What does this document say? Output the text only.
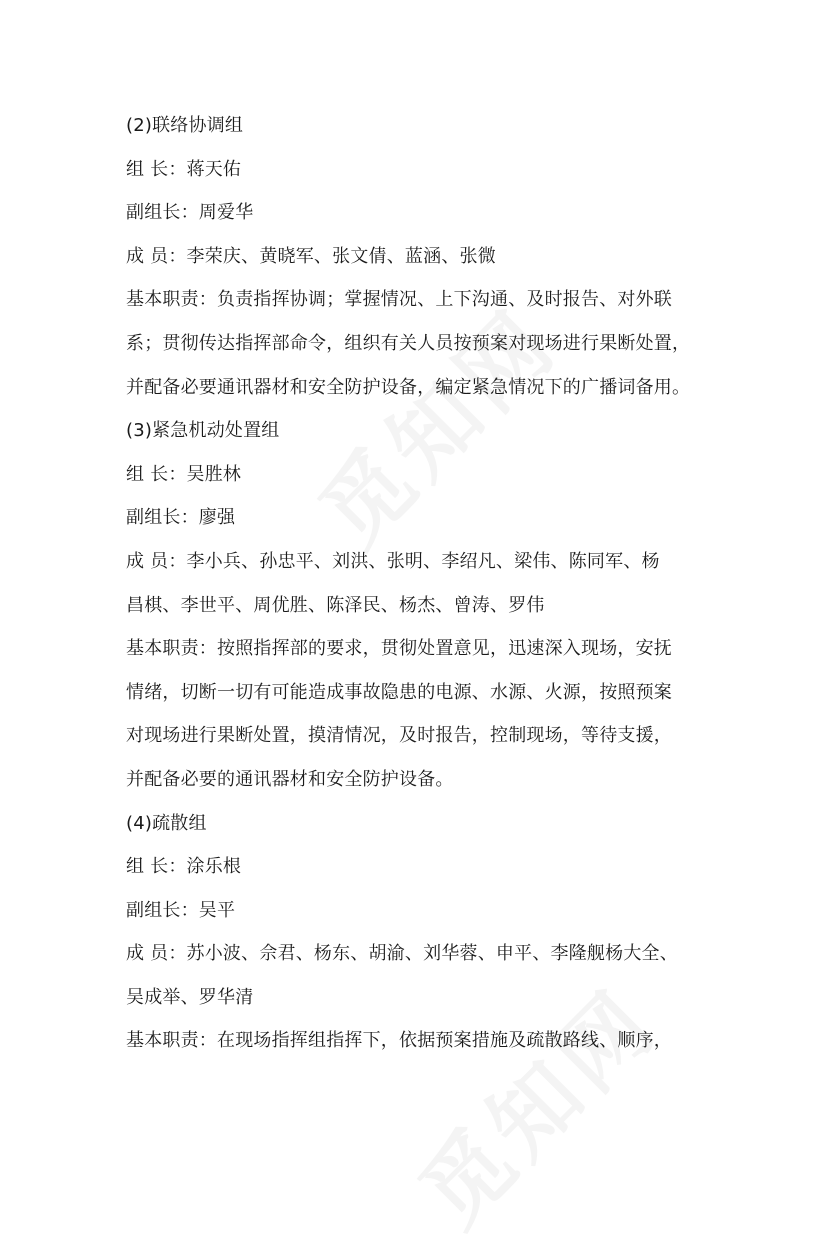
(2)联络协调组
组 长：蒋天佑
副组长：周爱华
成 员：李荣庆、黄晓军、张文倩、蓝涵、张微
基本职责：负责指挥协调；掌握情况、上下沟通、及时报告、对外联
系；贯彻传达指挥部命令，组织有关人员按预案对现场进行果断处置，
并配备必要通讯器材和安全防护设备，编定紧急情况下的广播词备用。
(3)紧急机动处置组
组 长：吴胜林
副组长：廖强
成 员：李小兵、孙忠平、刘洪、张明、李绍凡、梁伟、陈同军、杨
昌棋、李世平、周优胜、陈泽民、杨杰、曾涛、罗伟
基本职责：按照指挥部的要求，贯彻处置意见，迅速深入现场，安抚
情绪，切断一切有可能造成事故隐患的电源、水源、火源，按照预案
对现场进行果断处置，摸清情况，及时报告，控制现场，等待支援，
并配备必要的通讯器材和安全防护设备。
(4)疏散组
组 长：涂乐根
副组长：吴平
成 员：苏小波、佘君、杨东、胡渝、刘华蓉、申平、李隆舰杨大全、
吴成举、罗华清
基本职责：在现场指挥组指挥下，依据预案措施及疏散路线、顺序，
